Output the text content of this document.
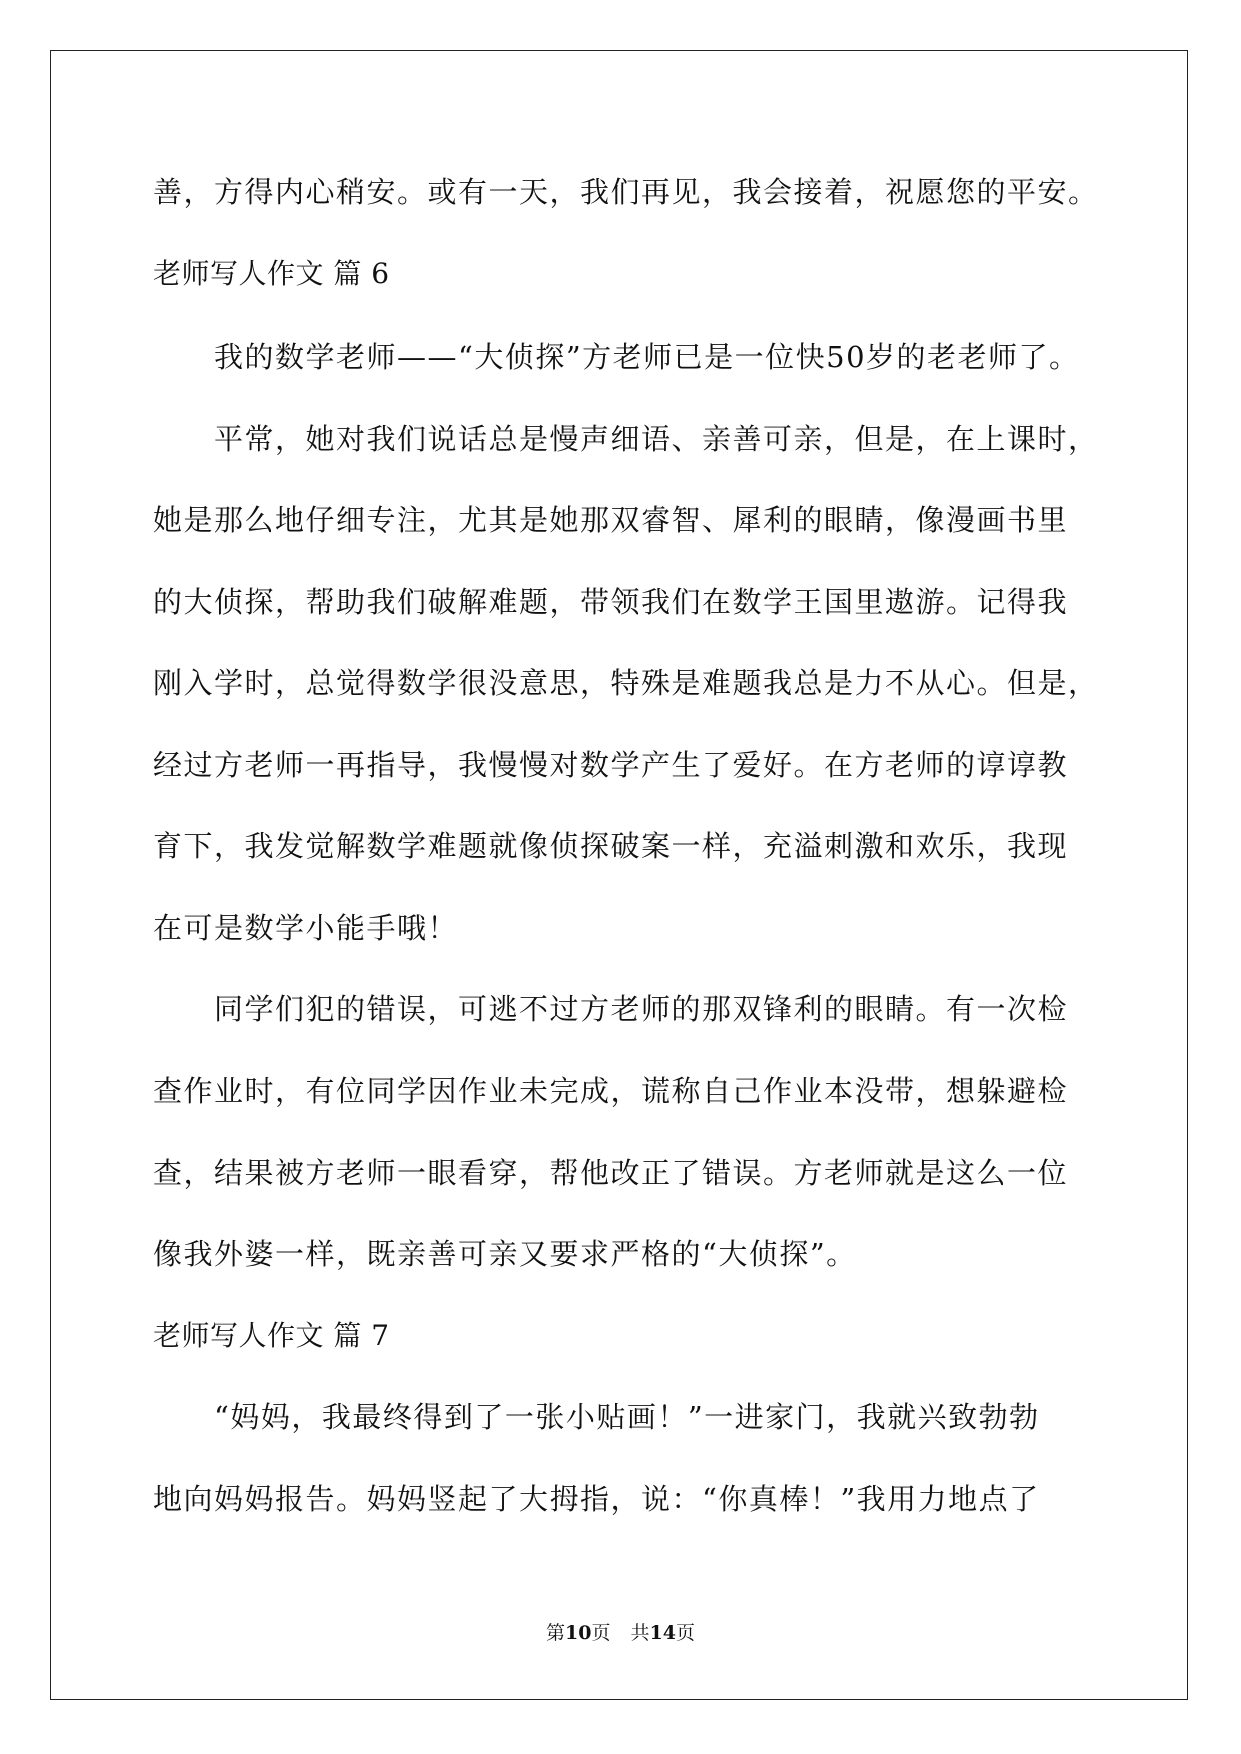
善，方得内心稍安。或有一天，我们再见，我会接着，祝愿您的平安。
老师写人作文 篇 6
我的数学老师——“大侦探”方老师已是一位快50岁的老老师了。
平常，她对我们说话总是慢声细语、亲善可亲，但是，在上课时，
她是那么地仔细专注，尤其是她那双睿智、犀利的眼睛，像漫画书里
的大侦探，帮助我们破解难题，带领我们在数学王国里遨游。记得我
刚入学时，总觉得数学很没意思，特殊是难题我总是力不从心。但是，
经过方老师一再指导，我慢慢对数学产生了爱好。在方老师的谆谆教
育下，我发觉解数学难题就像侦探破案一样，充溢刺激和欢乐，我现
在可是数学小能手哦！
同学们犯的错误，可逃不过方老师的那双锋利的眼睛。有一次检
查作业时，有位同学因作业未完成，谎称自己作业本没带，想躲避检
查，结果被方老师一眼看穿，帮他改正了错误。方老师就是这么一位
像我外婆一样，既亲善可亲又要求严格的“大侦探”。
老师写人作文 篇 7
“妈妈，我最终得到了一张小贴画！”一进家门，我就兴致勃勃
地向妈妈报告。妈妈竖起了大拇指，说：“你真棒！”我用力地点了
第10页 共14页
